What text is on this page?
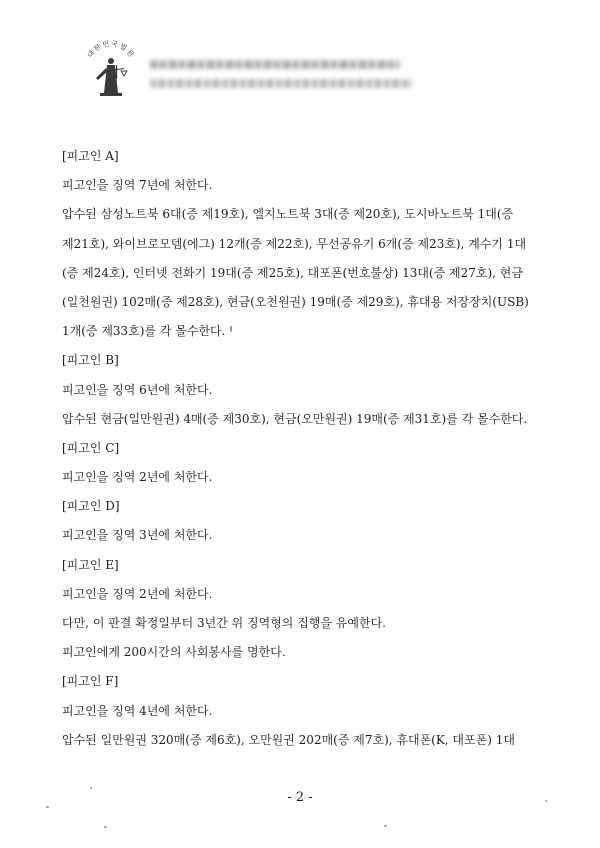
대한민국법원
[피고인 A]
피고인을 징역 7년에 처한다.
압수된 삼성노트북 6대(증 제19호), 엘지노트북 3대(증 제20호), 도시바노트북 1대(증
제21호), 와이브로모뎀(에그) 12개(증 제22호), 무선공유기 6개(증 제23호), 계수기 1대
(증 제24호), 인터넷 전화기 19대(증 제25호), 대포폰(번호불상) 13대(증 제27호), 현금
(일천원권) 102매(증 제28호), 현금(오천원권) 19매(증 제29호), 휴대용 저장장치(USB)
1개(증 제33호)를 각 몰수한다.
[피고인 B]
피고인을 징역 6년에 처한다.
압수된 현금(일만원권) 4매(증 제30호), 현금(오만원권) 19매(증 제31호)를 각 몰수한다.
[피고인 C]
피고인을 징역 2년에 처한다.
[피고인 D]
피고인을 징역 3년에 처한다.
[피고인 E]
피고인을 징역 2년에 처한다.
다만, 이 판결 확정일부터 3년간 위 징역형의 집행을 유예한다.
피고인에게 200시간의 사회봉사를 명한다.
[피고인 F]
피고인을 징역 4년에 처한다.
압수된 일만원권 320매(증 제6호), 오만원권 202매(증 제7호), 휴대폰(K, 대포폰) 1대
- 2 -
